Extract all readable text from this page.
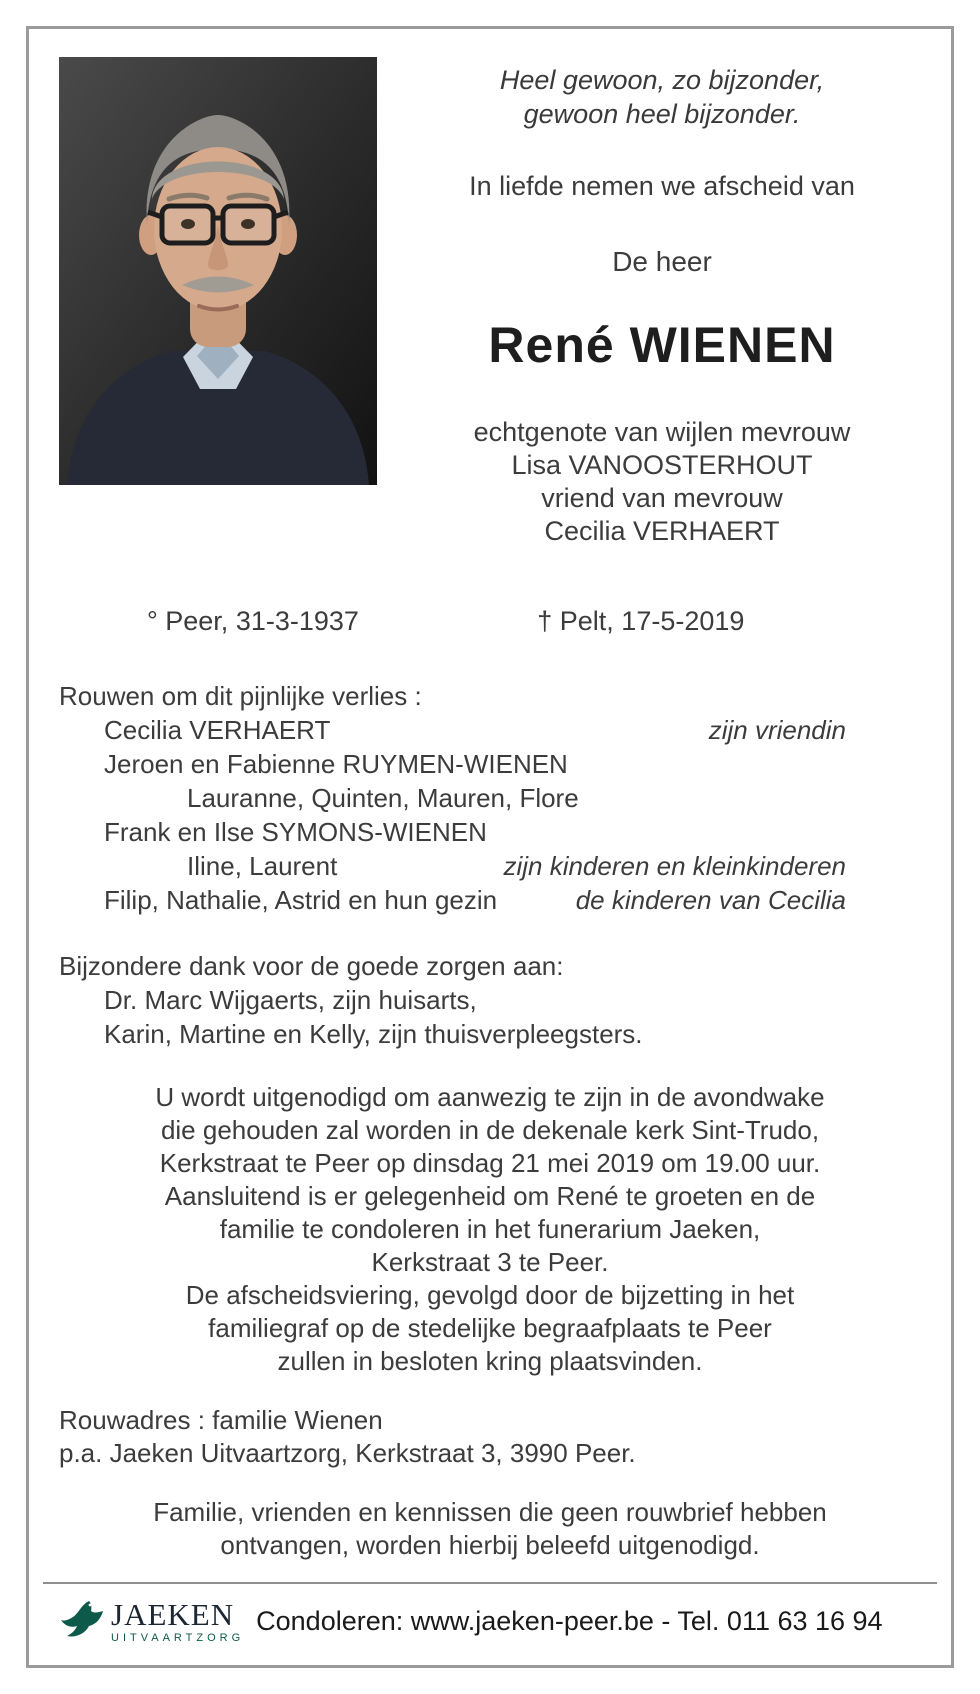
Heel gewoon, zo bijzonder,
gewoon heel bijzonder.
In liefde nemen we afscheid van
De heer
René WIENEN
echtgenote van wijlen mevrouw
Lisa VANOOSTERHOUT
vriend van mevrouw
Cecilia VERHAERT
° Peer, 31-3-1937	† Pelt, 17-5-2019
Rouwen om dit pijnlijke verlies :
Cecilia VERHAERT	zijn vriendin
Jeroen en Fabienne RUYMEN-WIENEN
Lauranne, Quinten, Mauren, Flore
Frank en Ilse SYMONS-WIENEN
Iline, Laurent	zijn kinderen en kleinkinderen
Filip, Nathalie, Astrid en hun gezin	de kinderen van Cecilia
Bijzondere dank voor de goede zorgen aan:
Dr. Marc Wijgaerts, zijn huisarts,
Karin, Martine en Kelly, zijn thuisverpleegsters.
U wordt uitgenodigd om aanwezig te zijn in de avondwake
die gehouden zal worden in de dekenale kerk Sint-Trudo,
Kerkstraat te Peer op dinsdag 21 mei 2019 om 19.00 uur.
Aansluitend is er gelegenheid om René te groeten en de
familie te condoleren in het funerarium Jaeken,
Kerkstraat 3 te Peer.
De afscheidsviering, gevolgd door de bijzetting in het
familiegraf op de stedelijke begraafplaats te Peer
zullen in besloten kring plaatsvinden.
Rouwadres : familie Wienen
p.a. Jaeken Uitvaartzorg, Kerkstraat 3, 3990 Peer.
Familie, vrienden en kennissen die geen rouwbrief hebben
ontvangen, worden hierbij beleefd uitgenodigd.
JAEKEN
UITVAARTZORG
Condoleren: www.jaeken-peer.be - Tel. 011 63 16 94
